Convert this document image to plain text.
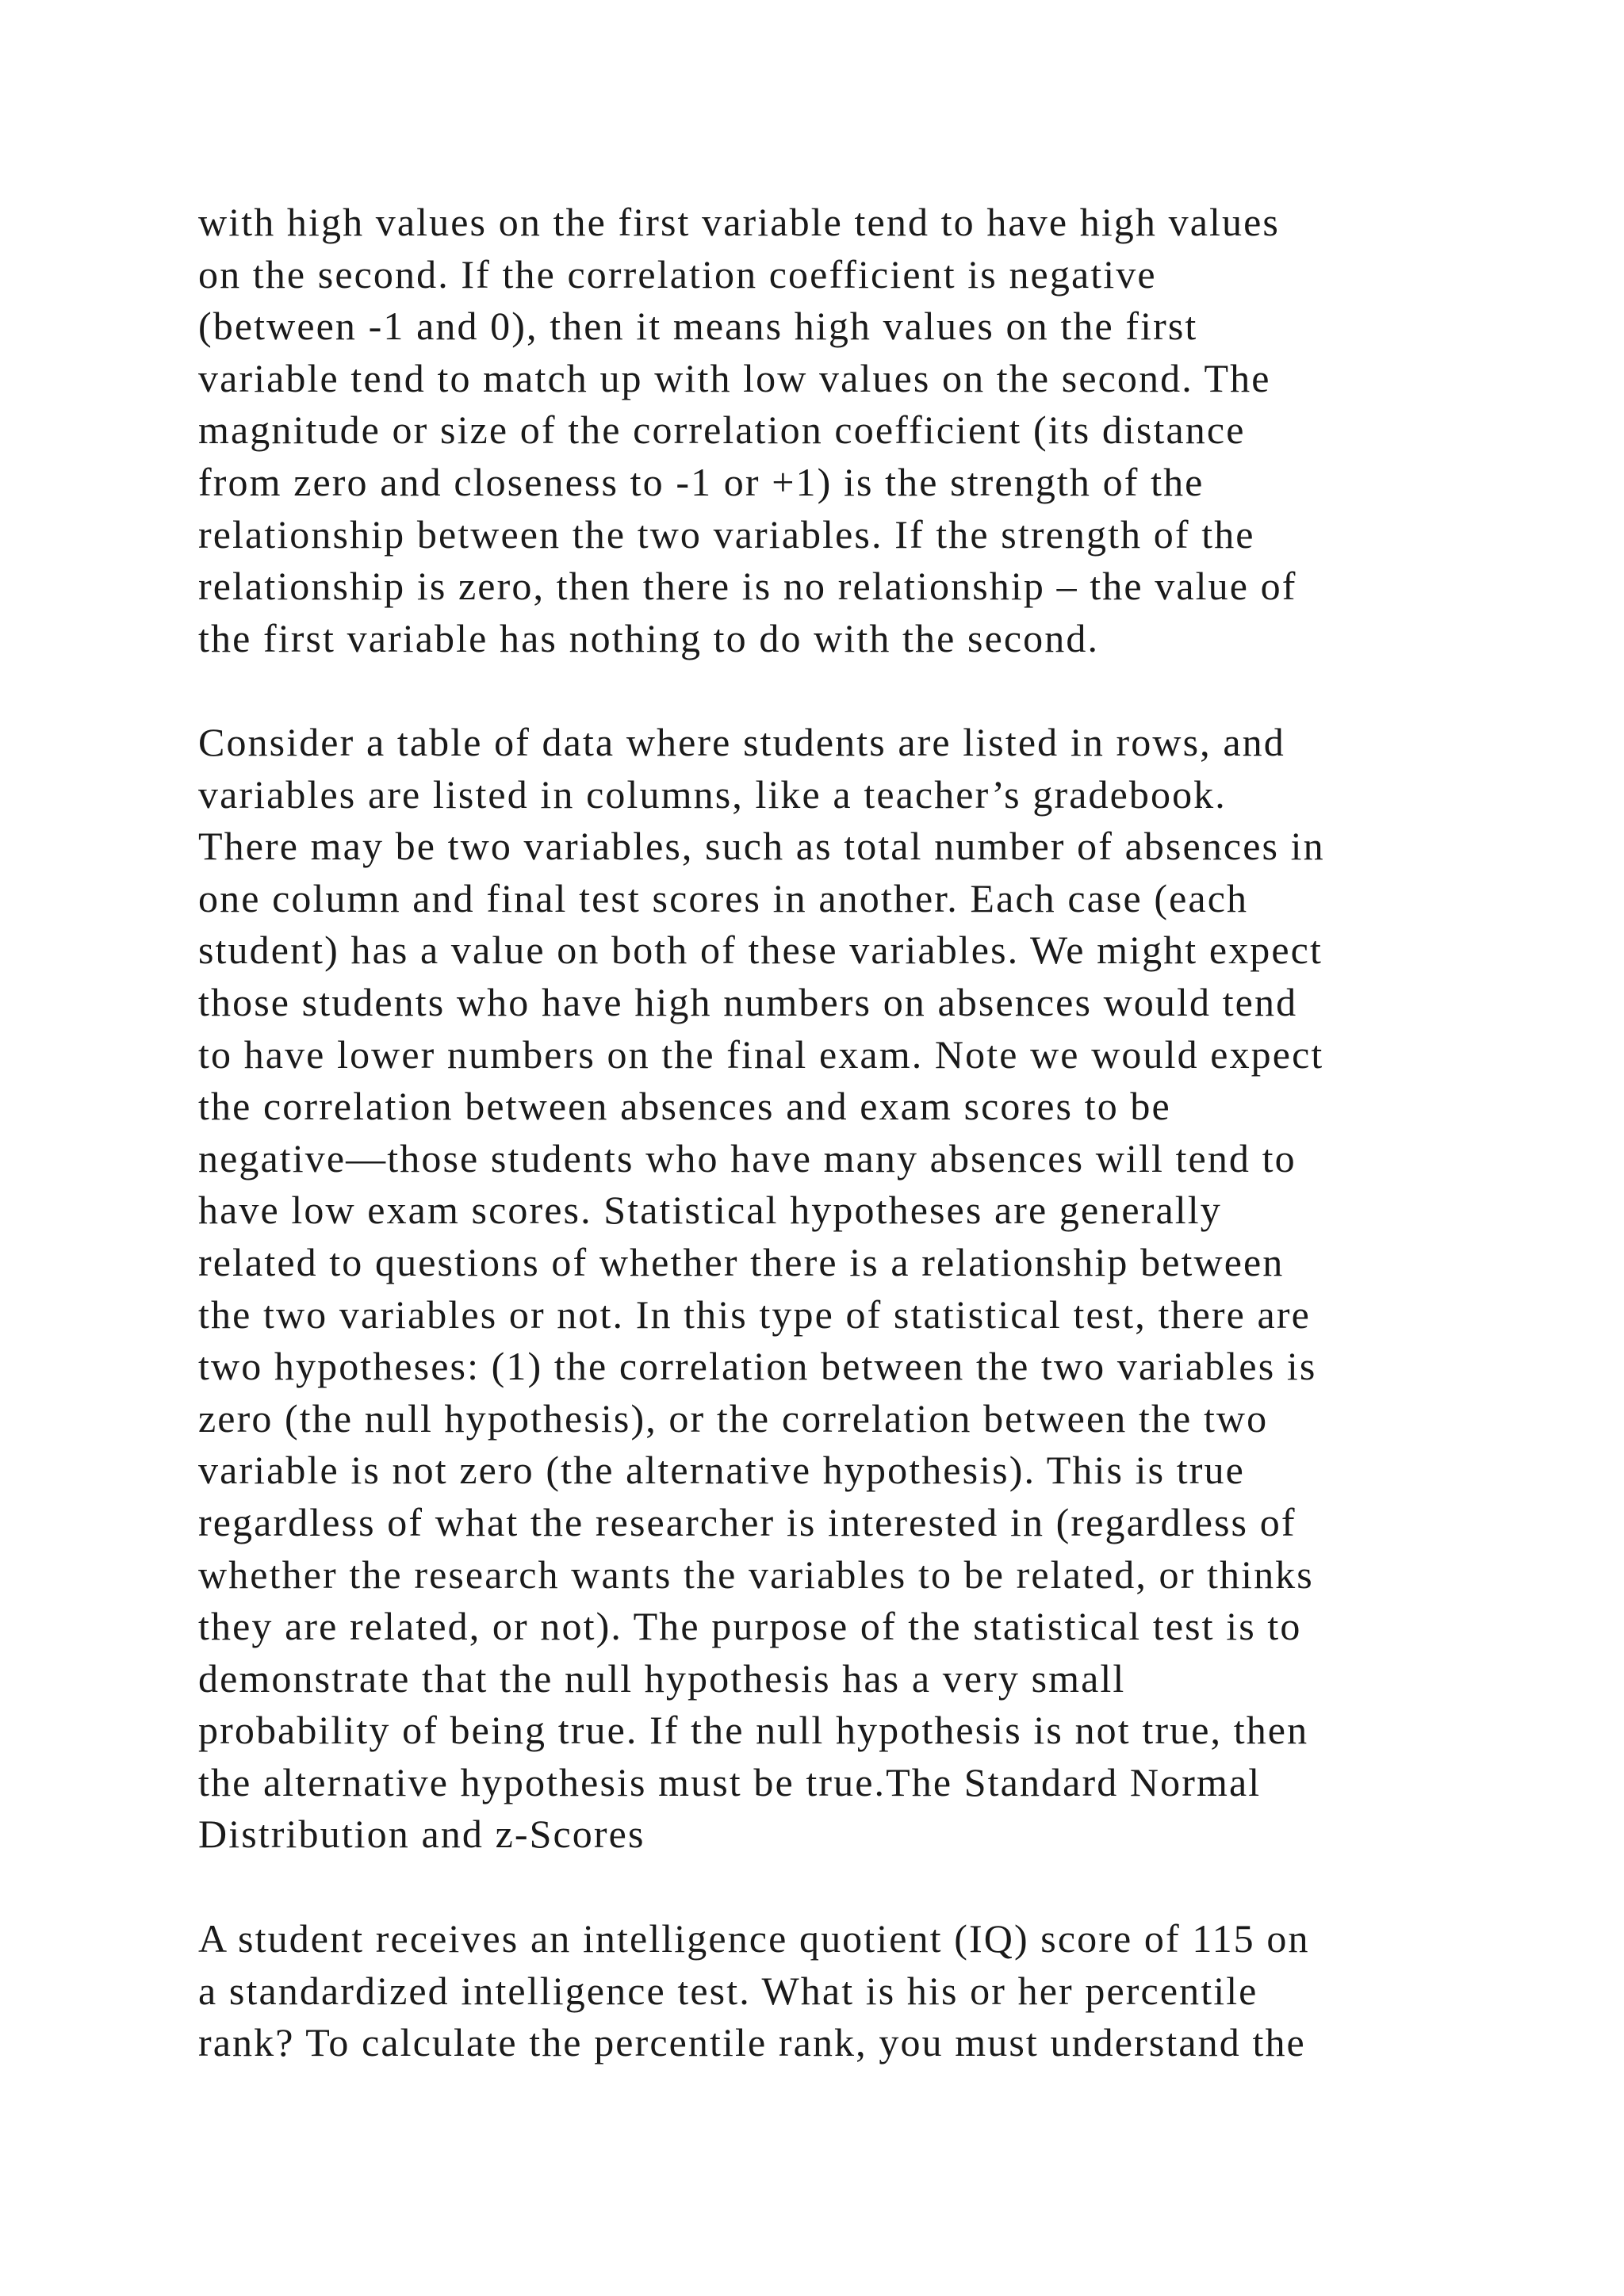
with high values on the first variable tend to have high values
on the second. If the correlation coefficient is negative
(between -1 and 0), then it means high values on the first
variable tend to match up with low values on the second. The
magnitude or size of the correlation coefficient (its distance
from zero and closeness to -1 or +1) is the strength of the
relationship between the two variables. If the strength of the
relationship is zero, then there is no relationship – the value of
the first variable has nothing to do with the second.
Consider a table of data where students are listed in rows, and
variables are listed in columns, like a teacher’s gradebook.
There may be two variables, such as total number of absences in
one column and final test scores in another. Each case (each
student) has a value on both of these variables. We might expect
those students who have high numbers on absences would tend
to have lower numbers on the final exam. Note we would expect
the correlation between absences and exam scores to be
negative—those students who have many absences will tend to
have low exam scores. Statistical hypotheses are generally
related to questions of whether there is a relationship between
the two variables or not. In this type of statistical test, there are
two hypotheses: (1) the correlation between the two variables is
zero (the null hypothesis), or the correlation between the two
variable is not zero (the alternative hypothesis). This is true
regardless of what the researcher is interested in (regardless of
whether the research wants the variables to be related, or thinks
they are related, or not). The purpose of the statistical test is to
demonstrate that the null hypothesis has a very small
probability of being true. If the null hypothesis is not true, then
the alternative hypothesis must be true.The Standard Normal
Distribution and z-Scores
A student receives an intelligence quotient (IQ) score of 115 on
a standardized intelligence test. What is his or her percentile
rank? To calculate the percentile rank, you must understand the
